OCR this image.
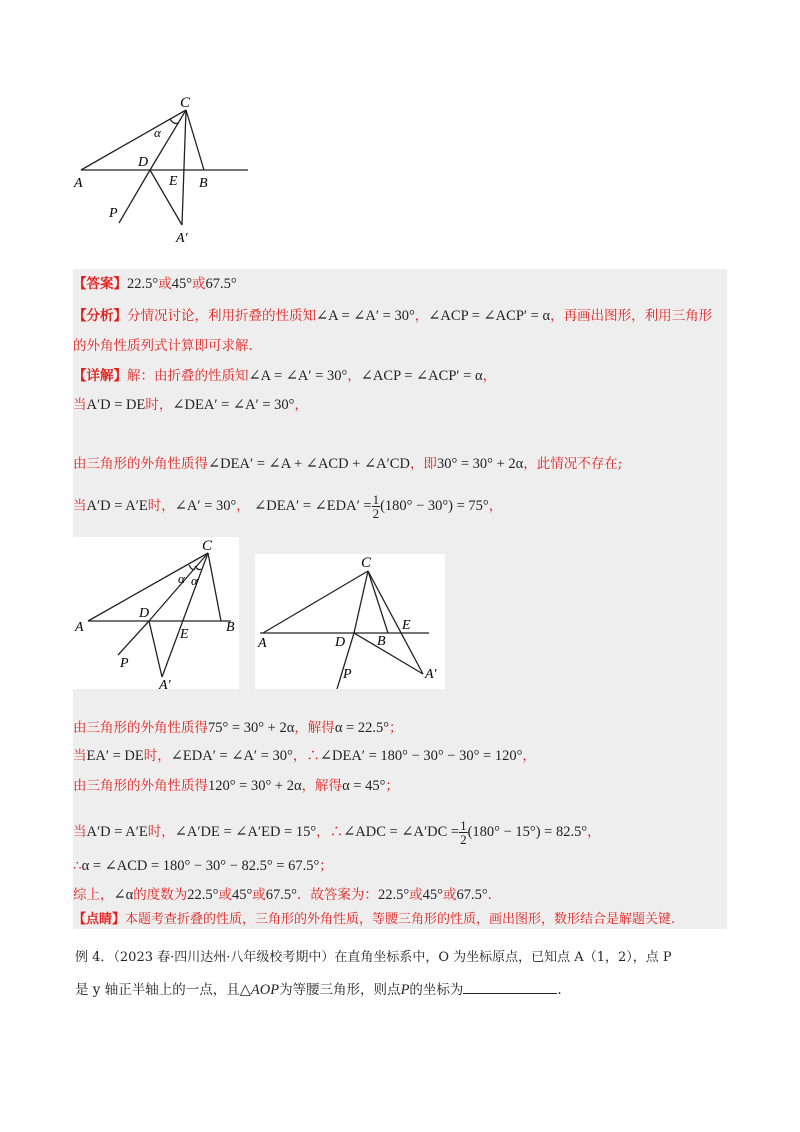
C
α
D
E
A	B
P
A′
【答案】22.5°或45°或67.5°
【分析】分情况讨论，利用折叠的性质知∠A = ∠A′ = 30°，∠ACP = ∠ACP′ = α，再画出图形，利用三角形
的外角性质列式计算即可求解.
【详解】解：由折叠的性质知∠A = ∠A′ = 30°，∠ACP = ∠ACP′ = α，
当A′D = DE时，∠DEA′ = ∠A′ = 30°，
由三角形的外角性质得∠DEA′ = ∠A + ∠ACD + ∠A′CD，即30° = 30° + 2α，此情况不存在;
当A′D = A′E时，∠A′ = 30°， ∠DEA′ = ∠EDA′ = $\frac{1}{2} (180^\circ - 30^\circ) = 75^\circ$，
C
α α
D
E
A	B
P
A′
C
D B
E
A
P	A′
由三角形的外角性质得75° = 30° + 2α，解得α = 22.5°；
当EA′ = DE时，∠EDA′ = ∠A′ = 30°，∴∠DEA′ = 180° − 30° − 30° = 120°，
由三角形的外角性质得120° = 30° + 2α，解得α = 45°；
当A′D = A′E时，∠A′DE = ∠A′ED = 15°，∴∠ADC = ∠A′DC = $\frac{1}{2} (180^\circ - 15^\circ) = 82.5^\circ$，
∴α = ∠ACD = 180° − 30° − 82.5° = 67.5°；
综上，∠α的度数为22.5°或45°或67.5°．故答案为：22.5°或45°或67.5°．
【点睛】本题考查折叠的性质，三角形的外角性质，等腰三角形的性质，画出图形，数形结合是解题关键.
例 4．（2023 春·四川达州·八年级校考期中）在直角坐标系中，O 为坐标原点，已知点 A（1，2），点 P
是 y 轴正半轴上的一点，且△AOP为等腰三角形，则点P的坐标为	.
